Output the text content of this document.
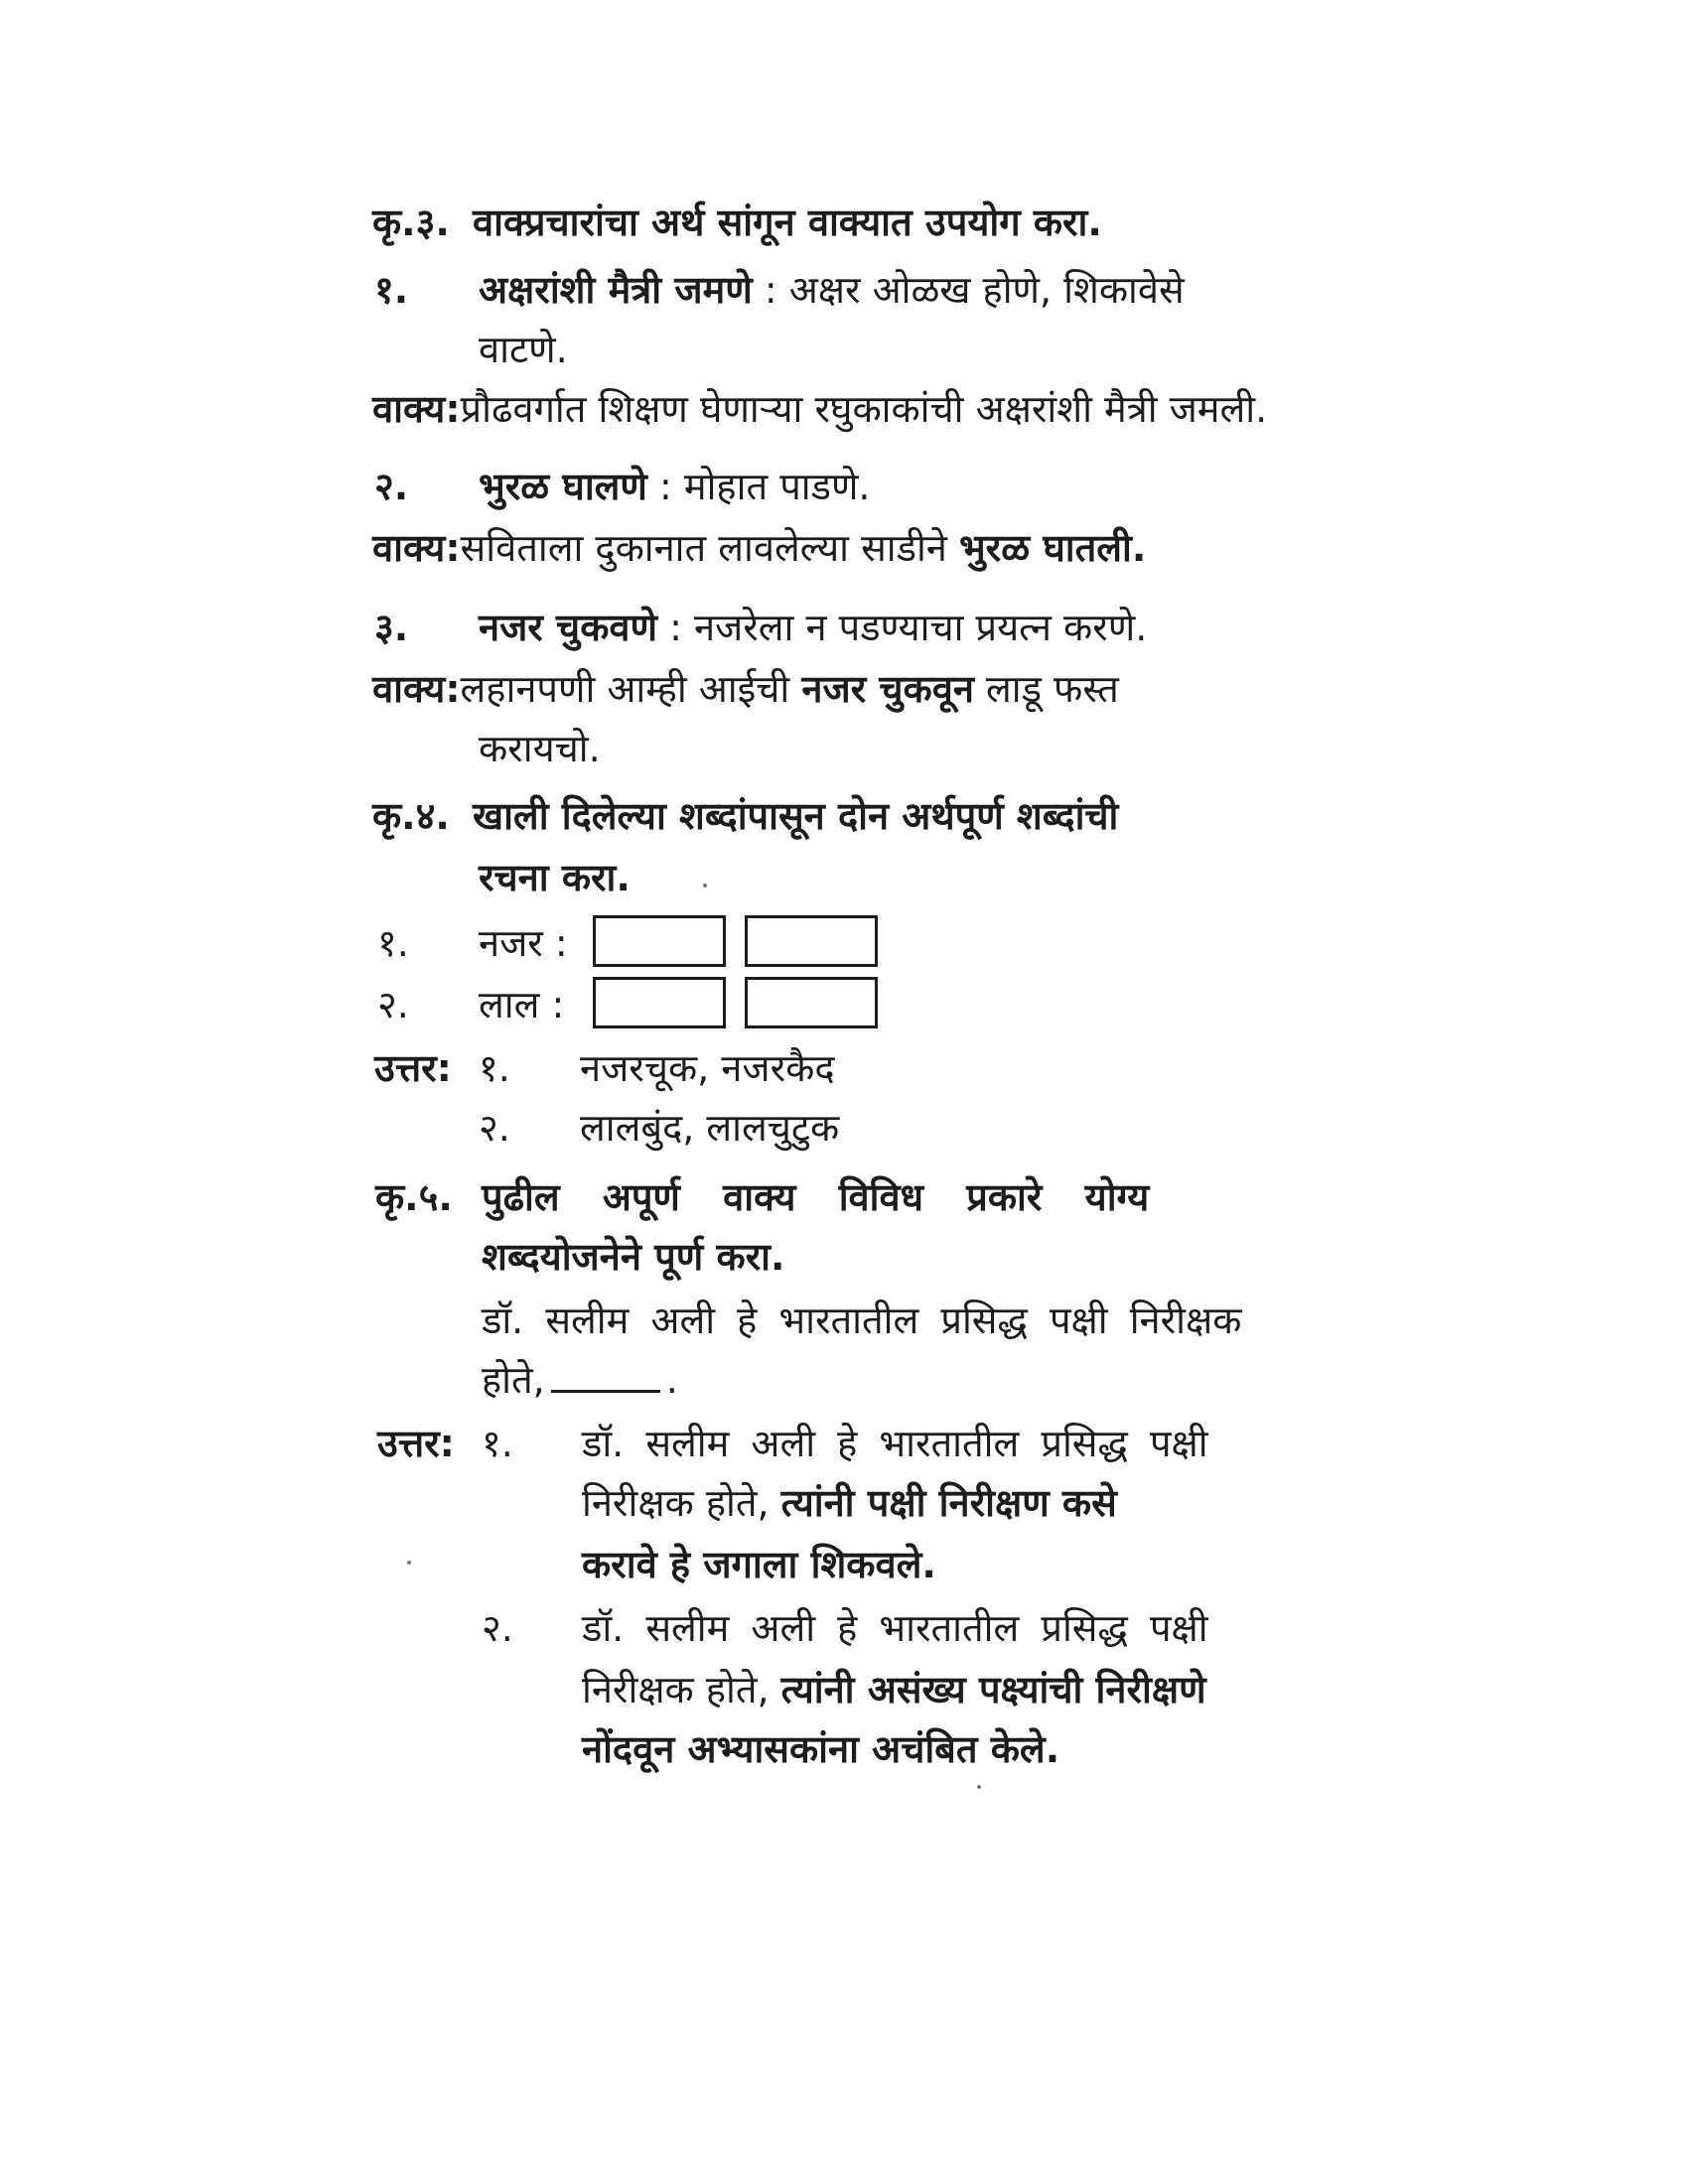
कृ.३. वाक्प्रचारांचा अर्थ सांगून वाक्यात उपयोग करा.
१. अक्षरांशी मैत्री जमणे : अक्षर ओळख होणे, शिकावेसे
वाटणे.
वाक्य:प्रौढवर्गात शिक्षण घेणाऱ्या रघुकाकांची अक्षरांशी मैत्री जमली.
२. भुरळ घालणे : मोहात पाडणे.
वाक्य:सविताला दुकानात लावलेल्या साडीने भुरळ घातली.
३. नजर चुकवणे : नजरेला न पडण्याचा प्रयत्न करणे.
वाक्य:लहानपणी आम्ही आईची नजर चुकवून लाडू फस्त
करायचो.
कृ.४. खाली दिलेल्या शब्दांपासून दोन अर्थपूर्ण शब्दांची
रचना करा.
१. नजर :
२. लाल :
उत्तर: १. नजरचूक, नजरकैद
२. लालबुंद, लालचुटुक
कृ.५. पुढील अपूर्ण वाक्य विविध प्रकारे योग्य
शब्दयोजनेने पूर्ण करा.
डॉ. सलीम अली हे भारतातील प्रसिद्ध पक्षी निरीक्षक
होते,	.
उत्तर: १. डॉ. सलीम अली हे भारतातील प्रसिद्ध पक्षी
निरीक्षक होते, त्यांनी पक्षी निरीक्षण कसे
करावे हे जगाला शिकवले.
२. डॉ. सलीम अली हे भारतातील प्रसिद्ध पक्षी
निरीक्षक होते, त्यांनी असंख्य पक्ष्यांची निरीक्षणे
नोंदवून अभ्यासकांना अचंबित केले.
